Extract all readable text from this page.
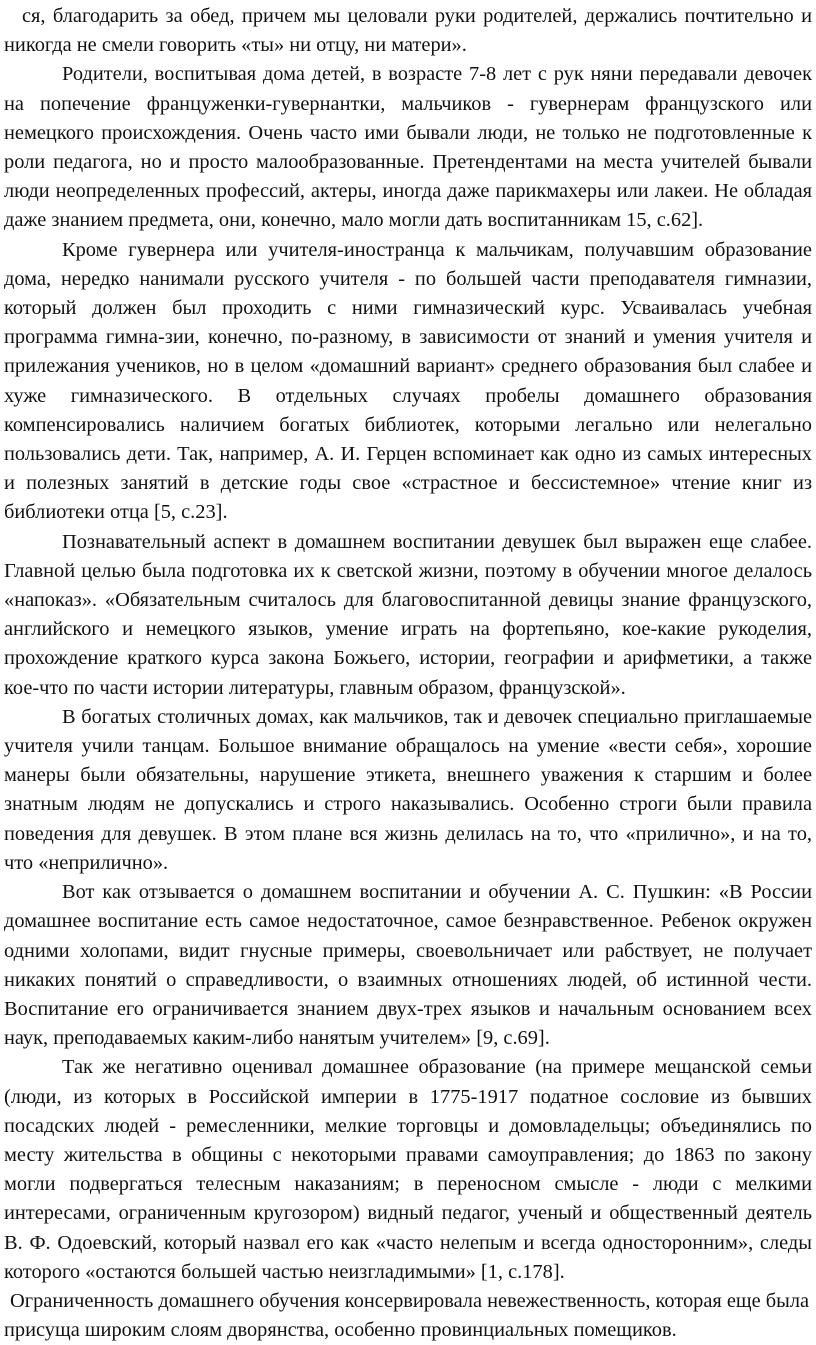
ся, благодарить за обед, причем мы целовали руки родителей, держались почтительно и никогда не смели говорить «ты» ни отцу, ни матери».

Родители, воспитывая дома детей, в возрасте 7-8 лет с рук няни передавали девочек на попечение француженки-гувернантки, мальчиков - гувернерам французского или немецкого происхождения. Очень часто ими бывали люди, не только не подготовленные к роли педагога, но и просто малообразованные. Претендентами на места учителей бывали люди неопределенных профессий, актеры, иногда даже парикмахеры или лакеи. Не обладая даже знанием предмета, они, конечно, мало могли дать воспитанникам 15, с.62].

Кроме гувернера или учителя-иностранца к мальчикам, получавшим образование дома, нередко нанимали русского учителя - по большей части преподавателя гимназии, который должен был проходить с ними гимназический курс. Усваивалась учебная программа гимна-зии, конечно, по-разному, в зависимости от знаний и умения учителя и прилежания учеников, но в целом «домашний вариант» среднего образования был слабее и хуже гимназического. В отдельных случаях пробелы домашнего образования компенсировались наличием богатых библиотек, которыми легально или нелегально пользовались дети. Так, например, А. И. Герцен вспоминает как одно из самых интересных и полезных занятий в детские годы свое «страстное и бессистемное» чтение книг из библиотеки отца [5, с.23].

Познавательный аспект в домашнем воспитании девушек был выражен еще слабее. Главной целью была подготовка их к светской жизни, поэтому в обучении многое делалось «напоказ». «Обязательным считалось для благовоспитанной девицы знание французского, английского и немецкого языков, умение играть на фортепьяно, кое-какие рукоделия, прохождение краткого курса закона Божьего, истории, географии и арифметики, а также кое-что по части истории литературы, главным образом, французской».

В богатых столичных домах, как мальчиков, так и девочек специально приглашаемые учителя учили танцам. Большое внимание обращалось на умение «вести себя», хорошие манеры были обязательны, нарушение этикета, внешнего уважения к старшим и более знатным людям не допускались и строго наказывались. Особенно строги были правила поведения для девушек. В этом плане вся жизнь делилась на то, что «прилично», и на то, что «неприлично».

Вот как отзывается о домашнем воспитании и обучении А. С. Пушкин: «В России домашнее воспитание есть самое недостаточное, самое безнравственное. Ребенок окружен одними холопами, видит гнусные примеры, своевольничает или рабствует, не получает никаких понятий о справедливости, о взаимных отношениях людей, об истинной чести. Воспитание его ограничивается знанием двух-трех языков и начальным основанием всех наук, преподаваемых каким-либо нанятым учителем» [9, с.69].

Так же негативно оценивал домашнее образование (на примере мещанской семьи (люди, из которых в Российской империи в 1775-1917 податное сословие из бывших посадских людей - ремесленники, мелкие торговцы и домовладельцы; объединялись по месту жительства в общины с некоторыми правами самоуправления; до 1863 по закону могли подвергаться телесным наказаниям; в переносном смысле - люди с мелкими интересами, ограниченным кругозором) видный педагог, ученый и общественный деятель В. Ф. Одоевский, который назвал его как «часто нелепым и всегда односторонним», следы которого «остаются большей частью неизгладимыми» [1, с.178].

Ограниченность домашнего обучения консервировала невежественность, которая еще была присуща широким слоям дворянства, особенно провинциальных помещиков.
